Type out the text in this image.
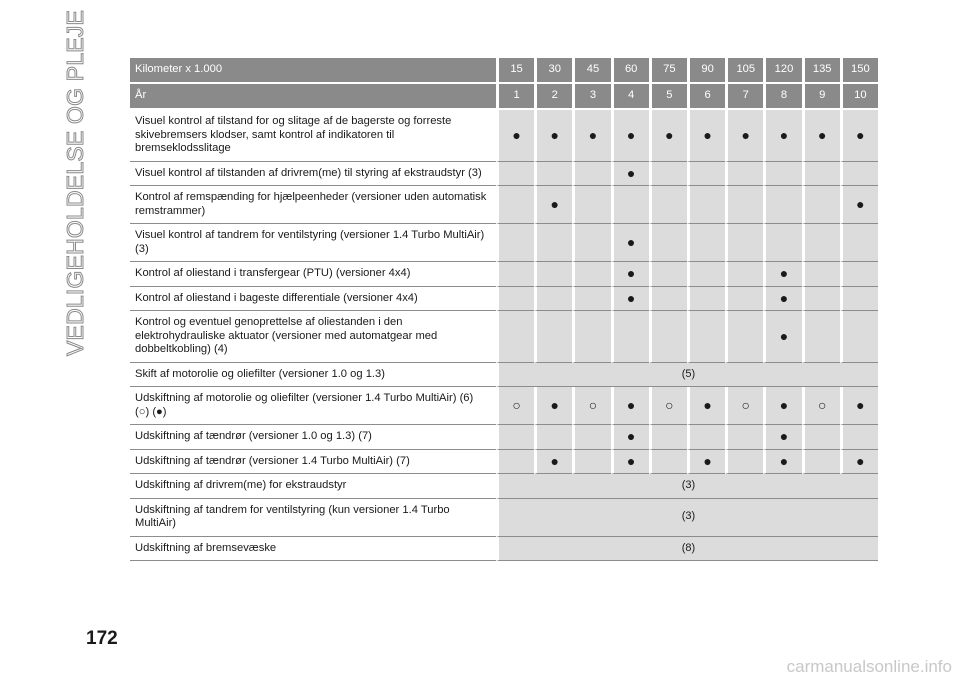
VEDLIGEHOLDELSE OG PLEJE	Kilometer x 1.000	15	30	45	60	75	90	105	120	135	150
År	1	2	3	4	5	6	7	8	9	10
Visuel kontrol af tilstand for og slitage af de bagerste og forreste skivebremsers klodser, samt kontrol af indikatoren til bremseklodsslitage	●	●	●	●	●	●	●	●	●	●
Visuel kontrol af tilstanden af drivrem(me) til styring af ekstraudstyr (3)				●						
Kontrol af remspænding for hjælpeenheder (versioner uden automatisk remstrammer)		●								●
Visuel kontrol af tandrem for ventilstyring (versioner 1.4 Turbo MultiAir) (3)				●						
Kontrol af oliestand i transfergear (PTU) (versioner 4x4)				●				●		
Kontrol af oliestand i bageste differentiale (versioner 4x4)				●				●		
Kontrol og eventuel genoprettelse af oliestanden i den elektrohydrauliske aktuator (versioner med automatgear med dobbeltkobling) (4)								●		
Skift af motorolie og oliefilter (versioner 1.0 og 1.3)	(5)									
Udskiftning af motorolie og oliefilter (versioner 1.4 Turbo MultiAir) (6) (○) (●)	○	●	○	●	○	●	○	●	○	●
Udskiftning af tændrør (versioner 1.0 og 1.3) (7)				●				●		
Udskiftning af tændrør (versioner 1.4 Turbo MultiAir) (7)		●		●		●		●		●
Udskiftning af drivrem(me) for ekstraudstyr	(3)									
Udskiftning af tandrem for ventilstyring (kun versioner 1.4 Turbo MultiAir)	(3)									
Udskiftning af bremsevæske	(8)									
172
carmanualsonline.info
